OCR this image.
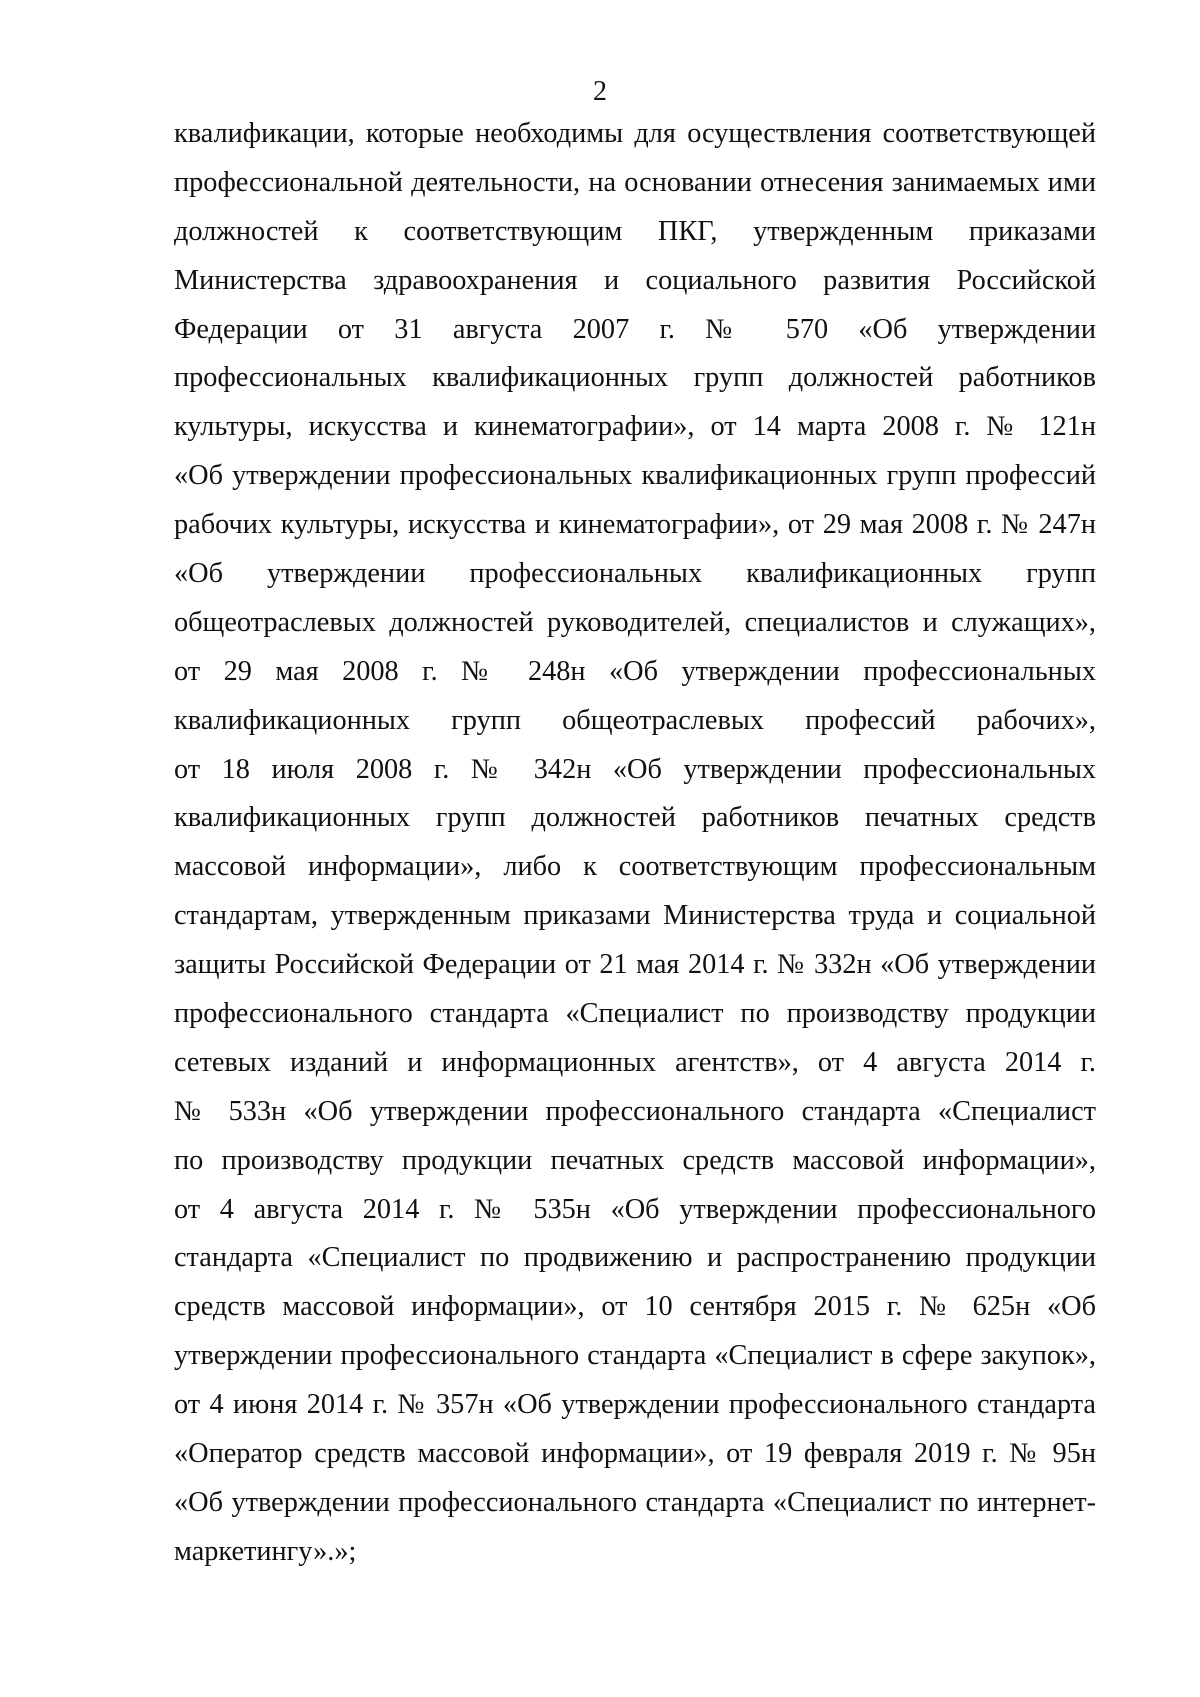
2
квалификации, которые необходимы для осуществления соответствующей
профессиональной деятельности, на основании отнесения занимаемых ими
должностей к соответствующим ПКГ, утвержденным приказами
Министерства здравоохранения и социального развития Российской
Федерации от 31 августа 2007 г. № 570 «Об утверждении
профессиональных квалификационных групп должностей работников
культуры, искусства и кинематографии», от 14 марта 2008 г. № 121н
«Об утверждении профессиональных квалификационных групп профессий
рабочих культуры, искусства и кинематографии», от 29 мая 2008 г. № 247н
«Об утверждении профессиональных квалификационных групп
общеотраслевых должностей руководителей, специалистов и служащих»,
от 29 мая 2008 г. № 248н «Об утверждении профессиональных
квалификационных групп общеотраслевых профессий рабочих»,
от 18 июля 2008 г. № 342н «Об утверждении профессиональных
квалификационных групп должностей работников печатных средств
массовой информации», либо к соответствующим профессиональным
стандартам, утвержденным приказами Министерства труда и социальной
защиты Российской Федерации от 21 мая 2014 г. № 332н «Об утверждении
профессионального стандарта «Специалист по производству продукции
сетевых изданий и информационных агентств», от 4 августа 2014 г.
№ 533н «Об утверждении профессионального стандарта «Специалист
по производству продукции печатных средств массовой информации»,
от 4 августа 2014 г. № 535н «Об утверждении профессионального
стандарта «Специалист по продвижению и распространению продукции
средств массовой информации», от 10 сентября 2015 г. № 625н «Об
утверждении профессионального стандарта «Специалист в сфере закупок»,
от 4 июня 2014 г. № 357н «Об утверждении профессионального стандарта
«Оператор средств массовой информации», от 19 февраля 2019 г. № 95н
«Об утверждении профессионального стандарта «Специалист по интернет-
маркетингу».»;
